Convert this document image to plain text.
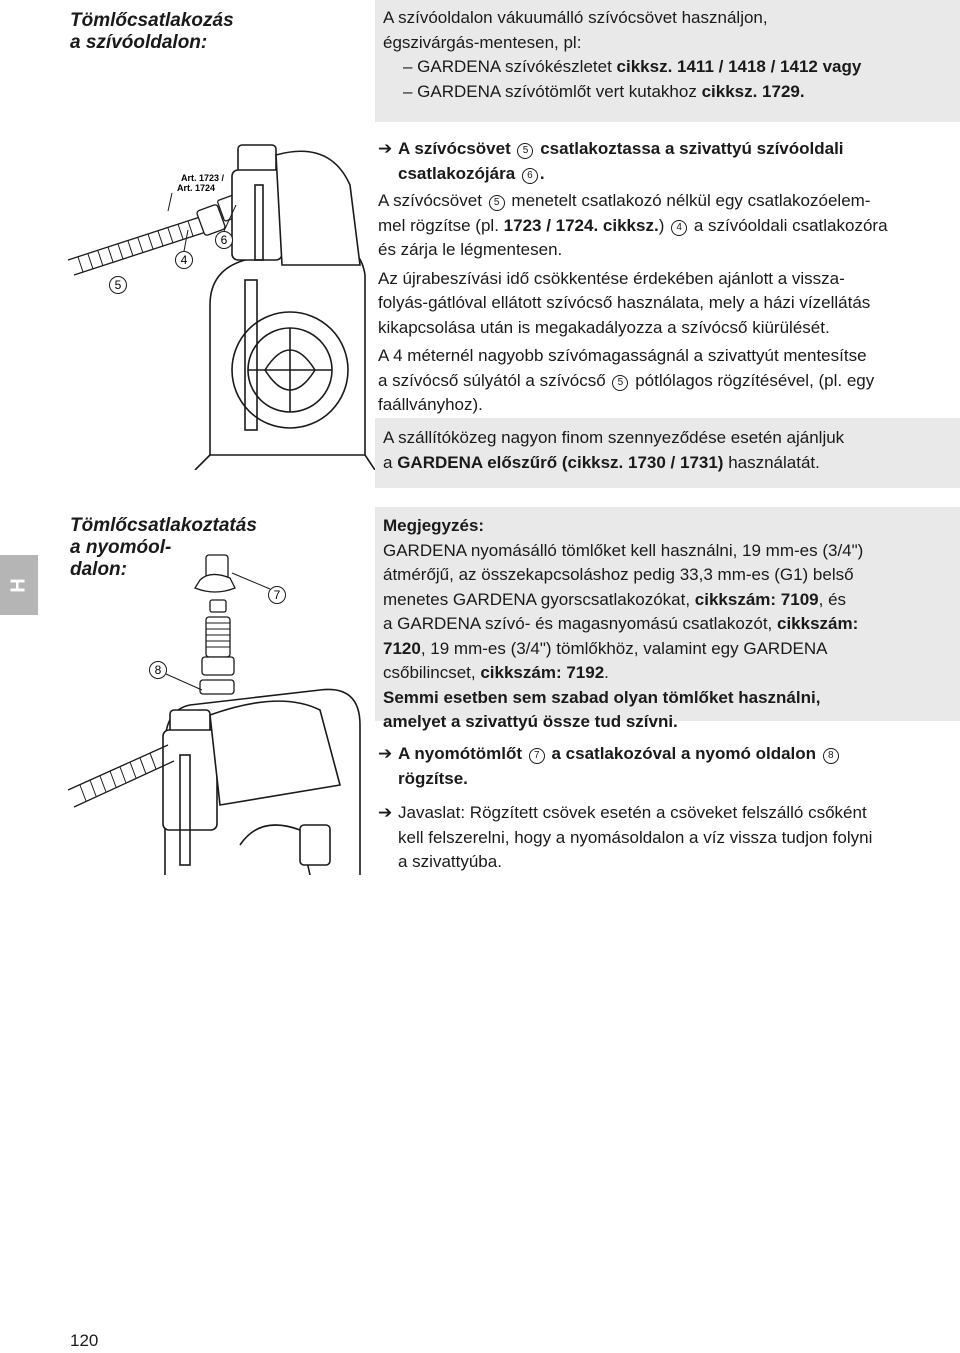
Tömlőcsatlakozás
a szívóoldalon:

A szívóoldalon vákuumálló szívócsövet használjon,

égszivárgás-mentesen, pl:

– GARDENA szívókészletet cikksz. 1411 / 1418 / 1412 vagy

– GARDENA szívótömlőt vert kutakhoz cikksz. 1729.

Art. 1723 /
Art. 1724
5
4
6
➔ A szívócsövet 5 csatlakoztassa a szivattyú szívóoldali
csatlakozójára 6 .

A szívócsövet 5 menetelt csatlakozó nélkül egy csatlakozóelem-
mel rögzítse (pl. 1723 / 1724. cikksz.) 4 a szívóoldali csatlakozóra
és zárja le légmentesen.

Az újrabeszívási idő csökkentése érdekében ajánlott a vissza-
folyás-gátlóval ellátott szívócső használata, mely a házi vízellátás
kikapcsolása után is megakadályozza a szívócső kiürülését.

A 4 méternél nagyobb szívómagasságnál a szivattyút mentesítse
a szívócső súlyától a szívócső 5 pótlólagos rögzítésével, (pl. egy
faállványhoz).

A szállítóközeg nagyon finom szennyeződése esetén ajánljuk

a GARDENA előszűrő (cikksz. 1730 / 1731) használatát.

H
Tömlőcsatlakoztatás
a nyomóol-
dalon:
7
8

Megjegyzés:

GARDENA nyomásálló tömlőket kell használni, 19 mm-es (3/4")

átmérőjű, az összekapcsoláshoz pedig 33,3 mm-es (G1) belső

menetes GARDENA gyorscsatlakozókat, cikkszám: 7109, és

a GARDENA szívó- és magasnyomású csatlakozót, cikkszám:

7120, 19 mm-es (3/4") tömlőkhöz, valamint egy GARDENA

csőbilincset, cikkszám: 7192.

Semmi esetben sem szabad olyan tömlőket használni,

amelyet a szivattyú össze tud szívni.

➔ A nyomótömlőt 7 a csatlakozóval a nyomó oldalon 8
rögzítse.
➔ Javaslat: Rögzített csövek esetén a csöveket felszálló csőként
kell felszerelni, hogy a nyomásoldalon a víz vissza tudjon folyni
a szivattyúba.
120
